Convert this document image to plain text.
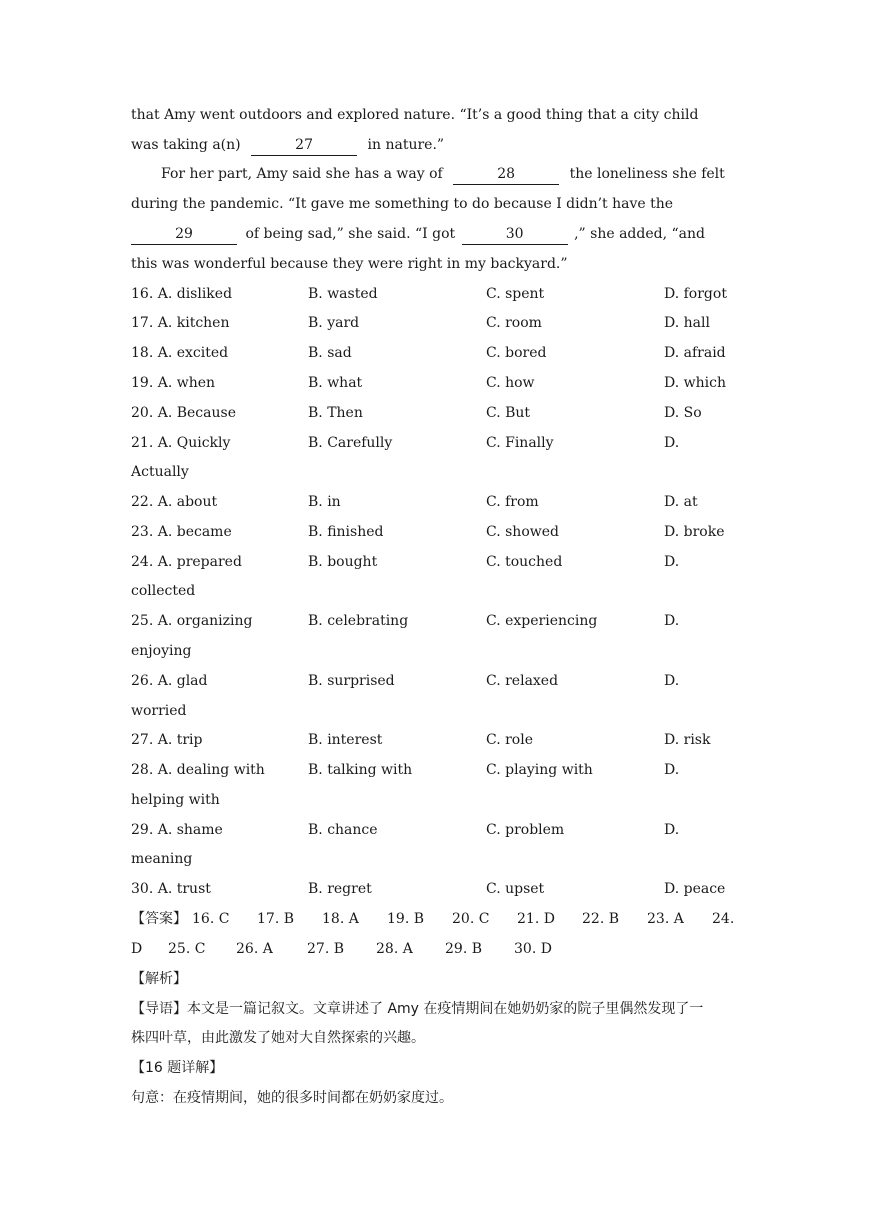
that Amy went outdoors and explored nature. “It’s a good thing that a city child
was taking a(n)	27	in nature.”
For her part, Amy said she has a way of	28	the loneliness she felt
during the pandemic. “It gave me something to do because I didn’t have the
29	of being sad,” she said. “I got	30	,” she added, “and
this was wonderful because they were right in my backyard.”
16. A. disliked	B. wasted	C. spent	D. forgot
17. A. kitchen	B. yard	C. room	D. hall
18. A. excited	B. sad	C. bored	D. afraid
19. A. when	B. what	C. how	D. which
20. A. Because	B. Then	C. But	D. So
21. A. Quickly	B. Carefully	C. Finally	D.
Actually
22. A. about	B. in	C. from	D. at
23. A. became	B. finished	C. showed	D. broke
24. A. prepared	B. bought	C. touched	D.
collected
25. A. organizing	B. celebrating	C. experiencing	D.
enjoying
26. A. glad	B. surprised	C. relaxed	D.
worried
27. A. trip	B. interest	C. role	D. risk
28. A. dealing with	B. talking with	C. playing with	D.
helping with
29. A. shame	B. chance	C. problem	D.
meaning
30. A. trust	B. regret	C. upset	D. peace
【答案】 16. C 17. B 18. A 19. B 20. C 21. D 22. B 23. A 24.
D 25. C 26. A 27. B 28. A 29. B 30. D
【解析】
【导语】本文是一篇记叙文。文章讲述了 Amy 在疫情期间在她奶奶家的院子里偶然发现了一
株四叶草，由此激发了她对大自然探索的兴趣。
【16 题详解】
句意：在疫情期间，她的很多时间都在奶奶家度过。
